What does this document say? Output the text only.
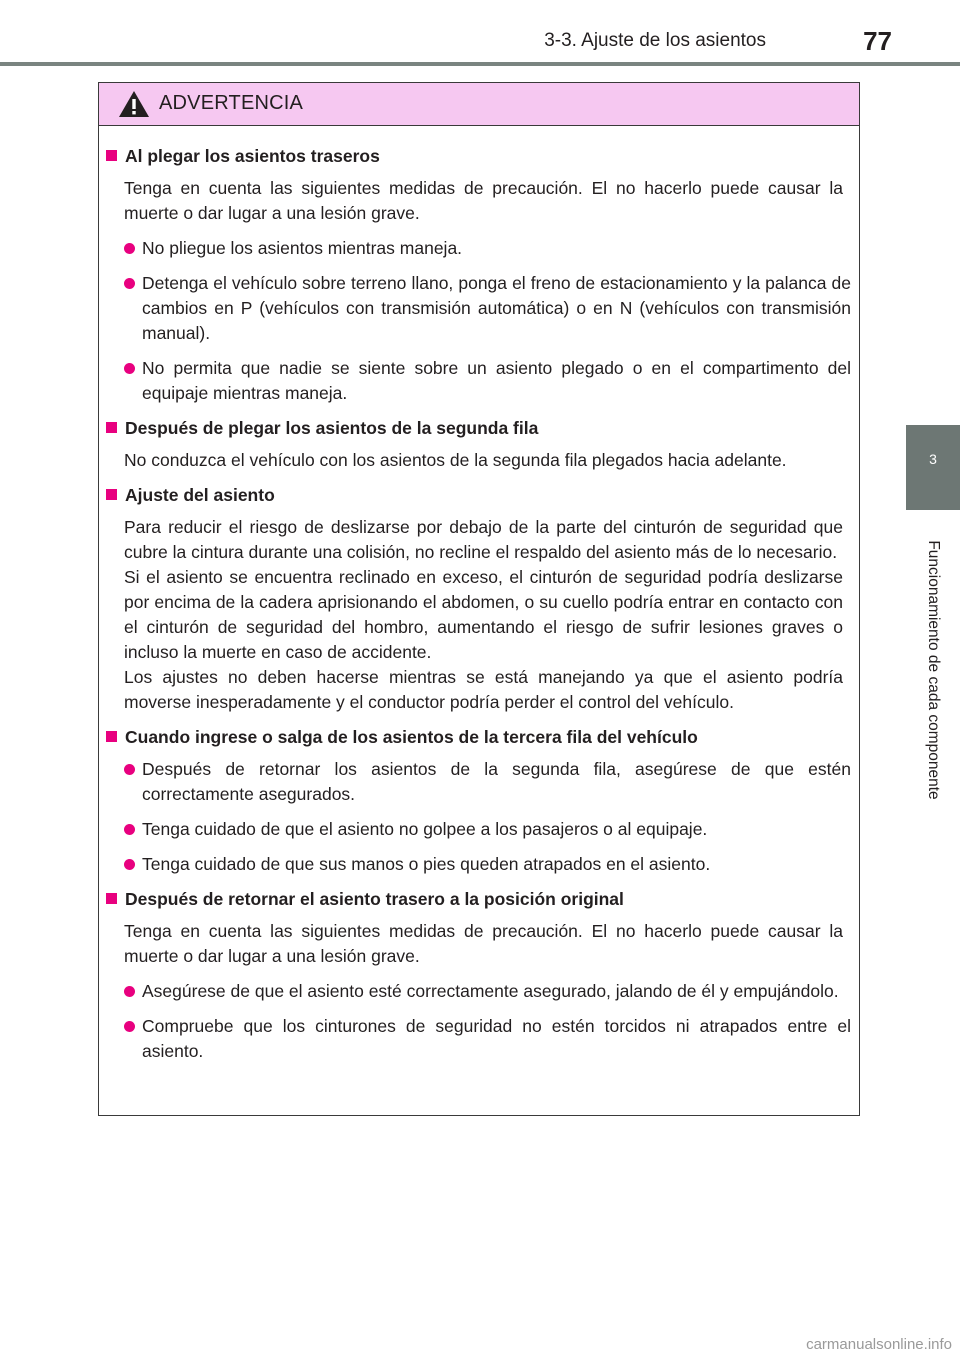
3-3. Ajuste de los asientos	77
3
Funcionamiento de cada componente
ADVERTENCIA
Al plegar los asientos traseros
Tenga en cuenta las siguientes medidas de precaución. El no hacerlo puede causar la muerte o dar lugar a una lesión grave.
No pliegue los asientos mientras maneja.
Detenga el vehículo sobre terreno llano, ponga el freno de estacionamiento y la palanca de cambios en P (vehículos con transmisión automática) o en N (vehículos con transmisión manual).
No permita que nadie se siente sobre un asiento plegado o en el compartimento del equipaje mientras maneja.
Después de plegar los asientos de la segunda fila
No conduzca el vehículo con los asientos de la segunda fila plegados hacia adelante.
Ajuste del asiento
Para reducir el riesgo de deslizarse por debajo de la parte del cinturón de seguridad que cubre la cintura durante una colisión, no recline el respaldo del asiento más de lo necesario.
Si el asiento se encuentra reclinado en exceso, el cinturón de seguridad podría deslizarse por encima de la cadera aprisionando el abdomen, o su cuello podría entrar en contacto con el cinturón de seguridad del hombro, aumentando el riesgo de sufrir lesiones graves o incluso la muerte en caso de accidente.
Los ajustes no deben hacerse mientras se está manejando ya que el asiento podría moverse inesperadamente y el conductor podría perder el control del vehículo.
Cuando ingrese o salga de los asientos de la tercera fila del vehículo
Después de retornar los asientos de la segunda fila, asegúrese de que estén correctamente asegurados.
Tenga cuidado de que el asiento no golpee a los pasajeros o al equipaje.
Tenga cuidado de que sus manos o pies queden atrapados en el asiento.
Después de retornar el asiento trasero a la posición original
Tenga en cuenta las siguientes medidas de precaución. El no hacerlo puede causar la muerte o dar lugar a una lesión grave.
Asegúrese de que el asiento esté correctamente asegurado, jalando de él y empujándolo.
Compruebe que los cinturones de seguridad no estén torcidos ni atrapados entre el asiento.
carmanualsonline.info
